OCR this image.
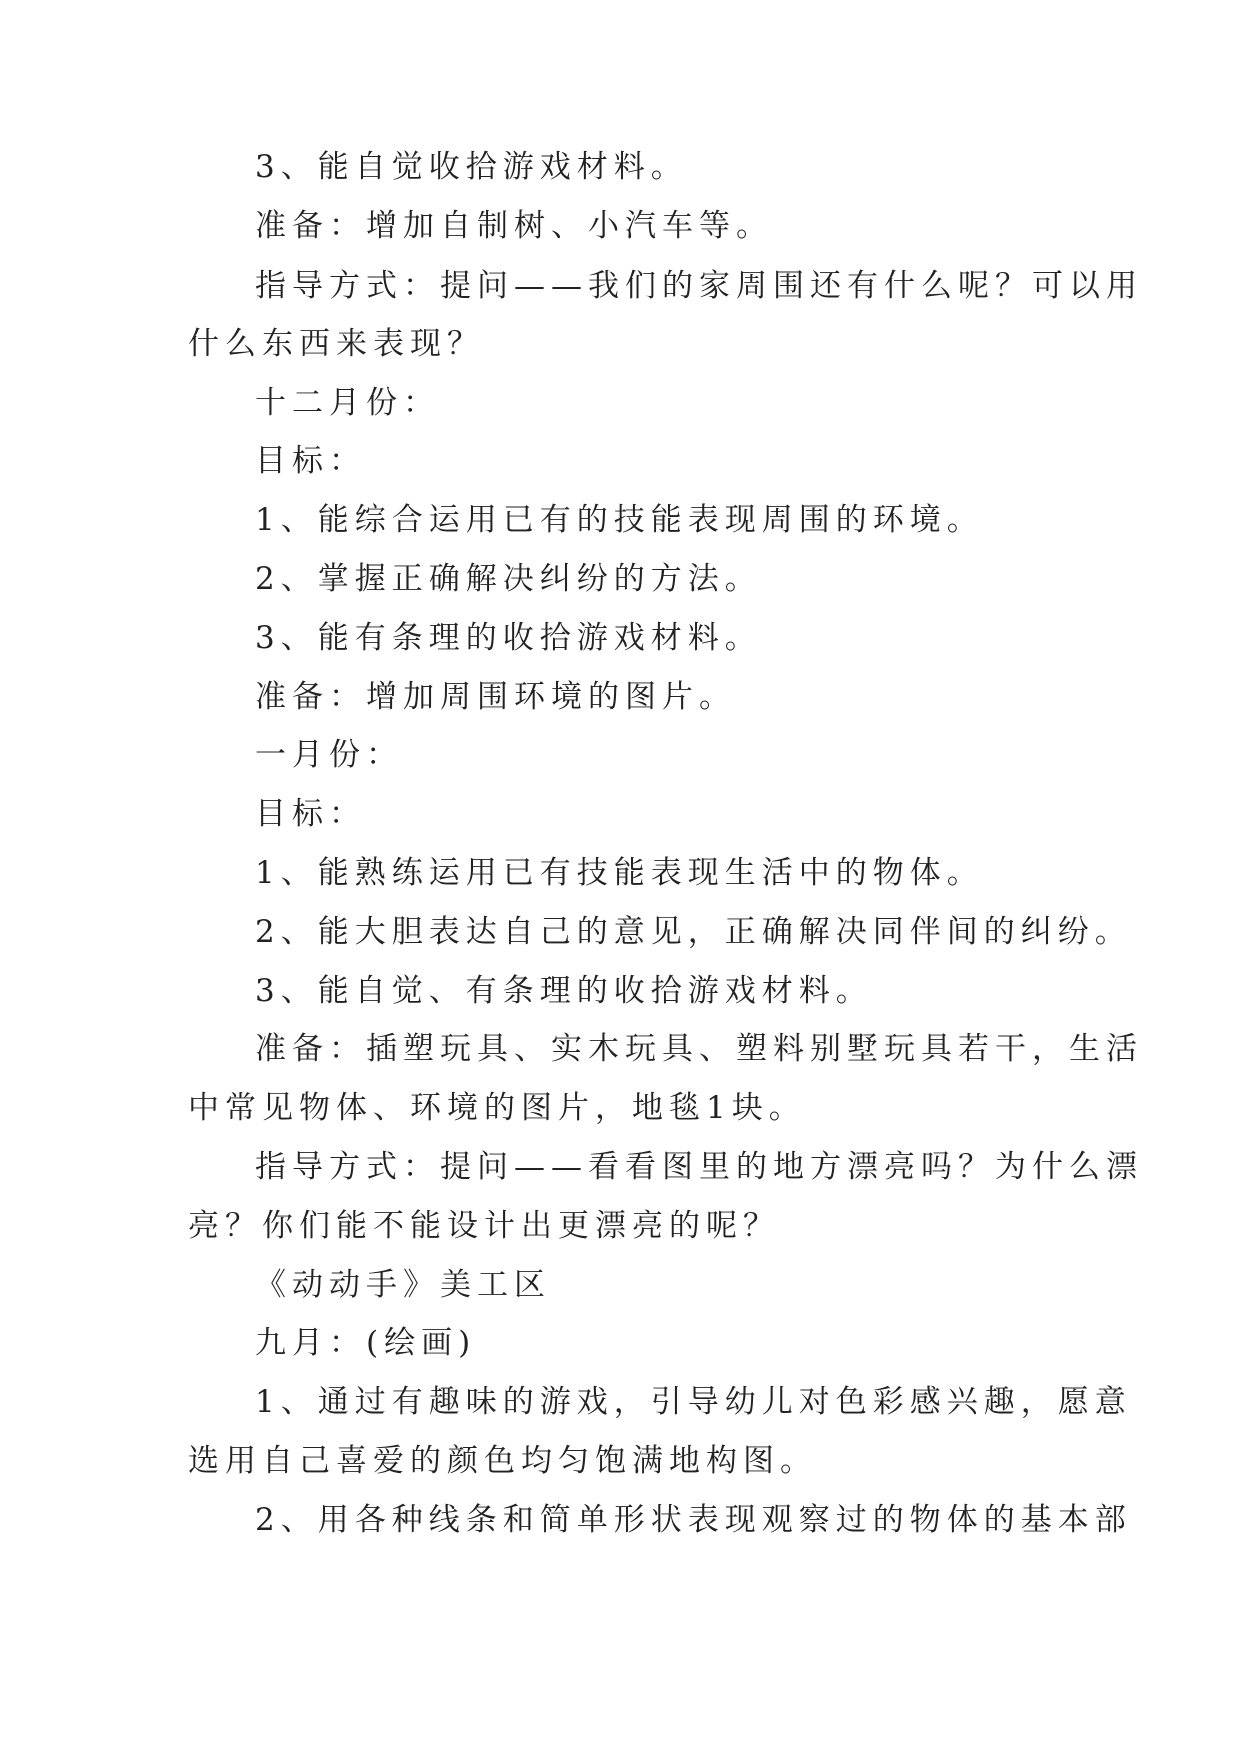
3、能自觉收拾游戏材料。
准备：增加自制树、小汽车等。
指导方式：提问——我们的家周围还有什么呢？可以用
什么东西来表现？
十二月份：
目标：
1、能综合运用已有的技能表现周围的环境。
2、掌握正确解决纠纷的方法。
3、能有条理的收拾游戏材料。
准备：增加周围环境的图片。
一月份：
目标：
1、能熟练运用已有技能表现生活中的物体。
2、能大胆表达自己的意见，正确解决同伴间的纠纷。
3、能自觉、有条理的收拾游戏材料。
准备：插塑玩具、实木玩具、塑料别墅玩具若干，生活
中常见物体、环境的图片，地毯1块。
指导方式：提问——看看图里的地方漂亮吗？为什么漂
亮？你们能不能设计出更漂亮的呢？
《动动手》美工区
九月：(绘画)
1、通过有趣味的游戏，引导幼儿对色彩感兴趣，愿意
选用自己喜爱的颜色均匀饱满地构图。
2、用各种线条和简单形状表现观察过的物体的基本部
